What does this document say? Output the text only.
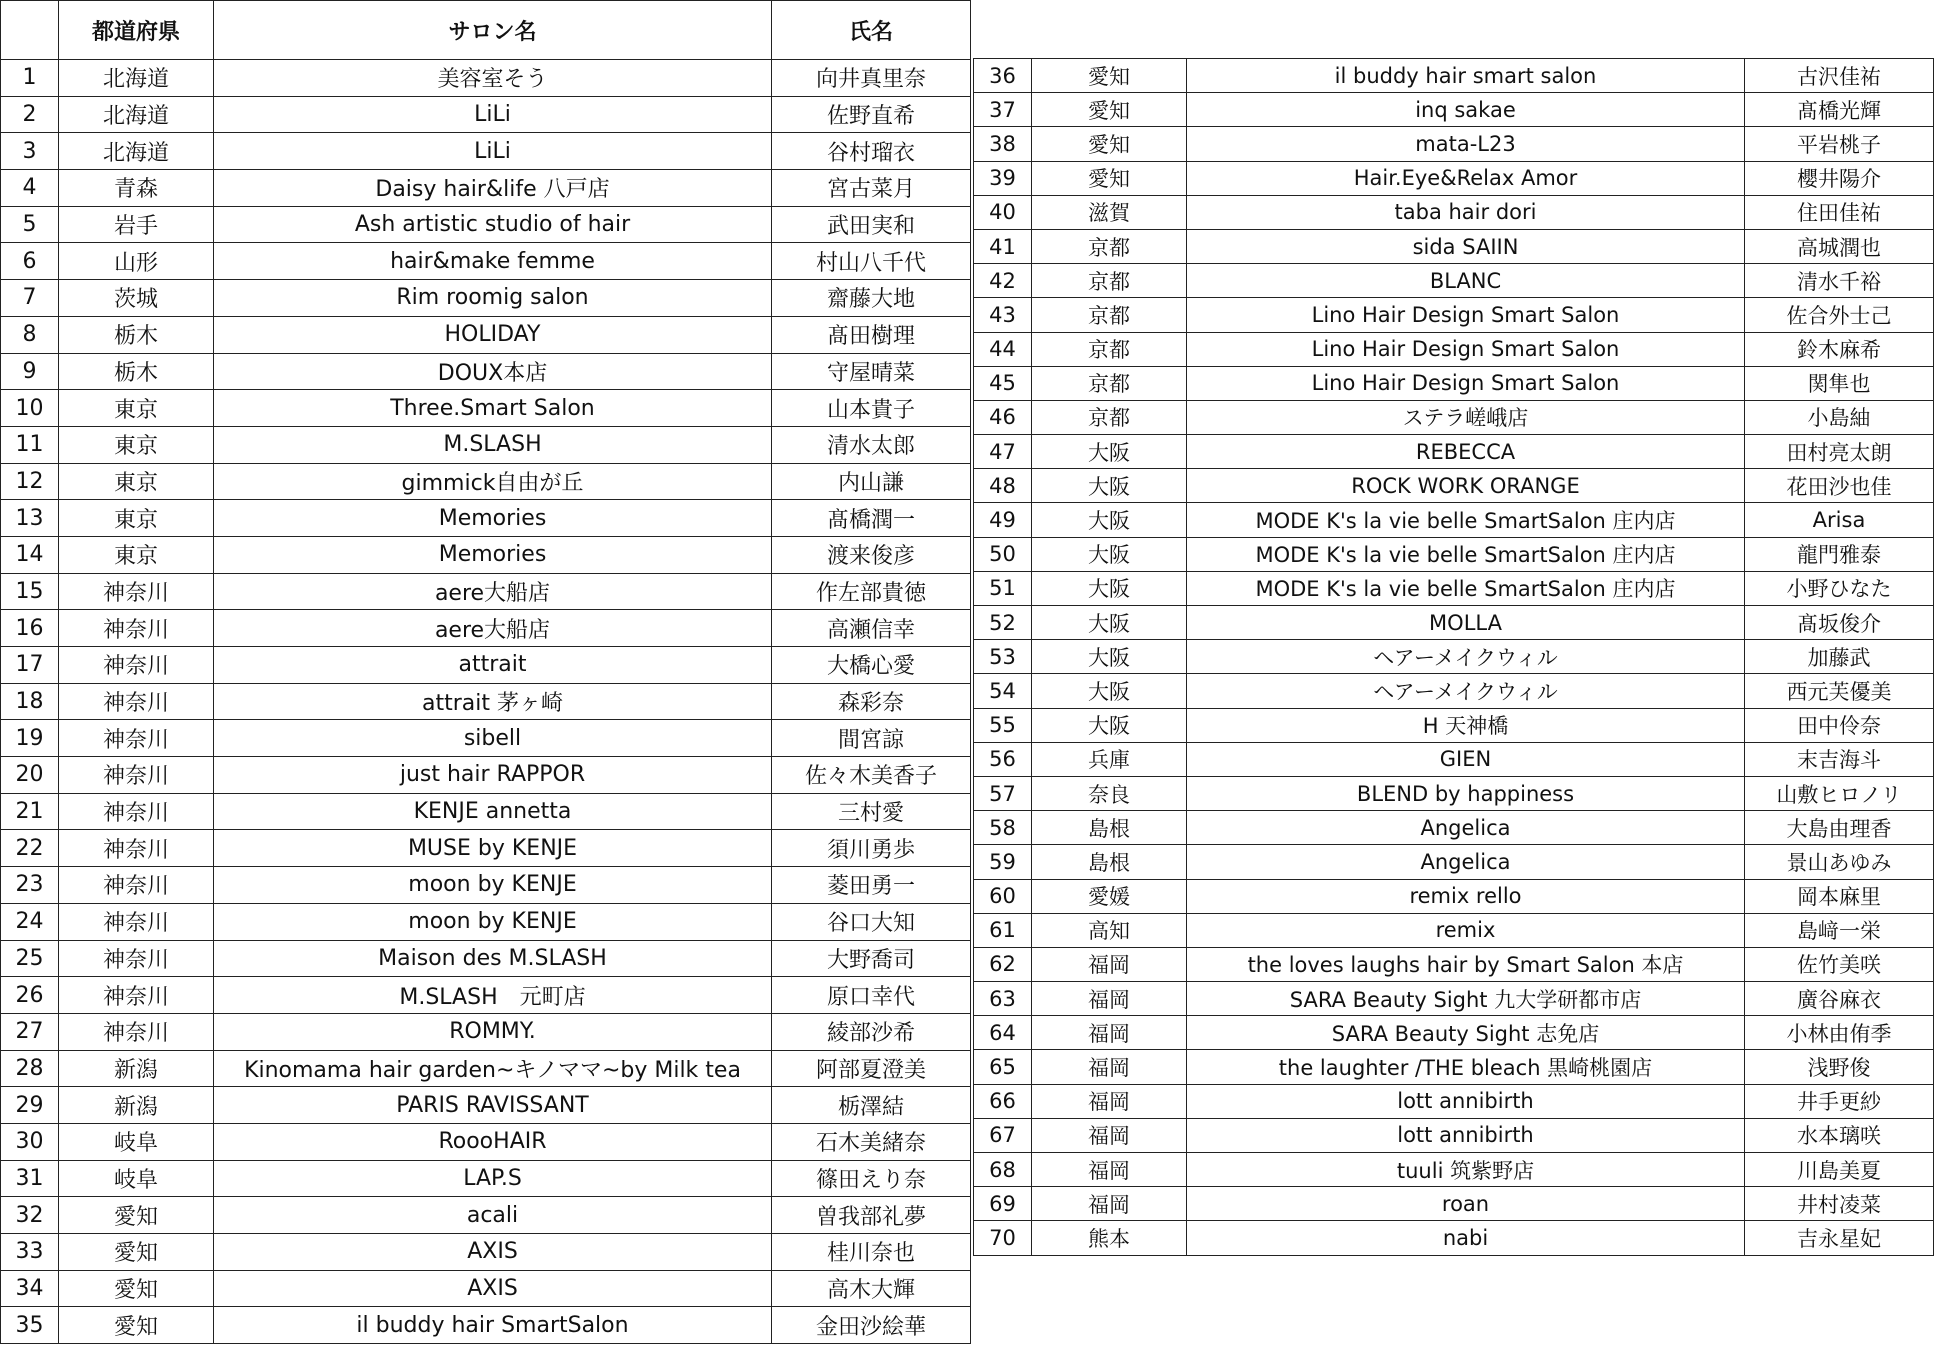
	都道府県	サロン名	氏名
1	北海道	美容室そう	向井真里奈
2	北海道	LiLi	佐野直希
3	北海道	LiLi	谷村瑠衣
4	青森	Daisy hair&life 八戸店	宮古菜月
5	岩手	Ash artistic studio of hair	武田実和
6	山形	hair&make femme	村山八千代
7	茨城	Rim roomig salon	齋藤大地
8	栃木	HOLIDAY	髙田樹理
9	栃木	DOUX本店	守屋晴菜
10	東京	Three.Smart Salon	山本貴子
11	東京	M.SLASH	清水太郎
12	東京	gimmick自由が丘	内山謙
13	東京	Memories	髙橋潤一
14	東京	Memories	渡来俊彦
15	神奈川	aere大船店	作左部貴徳
16	神奈川	aere大船店	高瀬信幸
17	神奈川	attrait	大橋心愛
18	神奈川	attrait 茅ヶ崎	森彩奈
19	神奈川	sibell	間宮諒
20	神奈川	just hair RAPPOR	佐々木美香子
21	神奈川	KENJE annetta	三村愛
22	神奈川	MUSE by KENJE	須川勇歩
23	神奈川	moon by KENJE	菱田勇一
24	神奈川	moon by KENJE	谷口大知
25	神奈川	Maison des M.SLASH	大野喬司
26	神奈川	M.SLASH　元町店	原口幸代
27	神奈川	ROMMY.	綾部沙希
28	新潟	Kinomama hair garden~キノママ~by Milk tea	阿部夏澄美
29	新潟	PARIS RAVISSANT	栃澤結
30	岐阜	RoooHAIR	石木美緒奈
31	岐阜	LAP.S	篠田えり奈
32	愛知	acali	曽我部礼夢
33	愛知	AXIS	桂川奈也
34	愛知	AXIS	高木大輝
35	愛知	il buddy hair SmartSalon	金田沙絵華
36	愛知	il buddy hair smart salon	古沢佳祐
37	愛知	inq sakae	髙橋光輝
38	愛知	mata-L23	平岩桃子
39	愛知	Hair.Eye&Relax Amor	櫻井陽介
40	滋賀	taba hair dori	住田佳祐
41	京都	sida SAIIN	高城潤也
42	京都	BLANC	清水千裕
43	京都	Lino Hair Design Smart Salon	佐合外士己
44	京都	Lino Hair Design Smart Salon	鈴木麻希
45	京都	Lino Hair Design Smart Salon	関隼也
46	京都	ステラ嵯峨店	小島紬
47	大阪	REBECCA	田村亮太朗
48	大阪	ROCK WORK ORANGE	花田沙也佳
49	大阪	MODE K's la vie belle SmartSalon 庄内店	Arisa
50	大阪	MODE K's la vie belle SmartSalon 庄内店	龍門雅泰
51	大阪	MODE K's la vie belle SmartSalon 庄内店	小野ひなた
52	大阪	MOLLA	髙坂俊介
53	大阪	ヘアーメイクウィル	加藤武
54	大阪	ヘアーメイクウィル	西元芙優美
55	大阪	H 天神橋	田中伶奈
56	兵庫	GIEN	末吉海斗
57	奈良	BLEND by happiness	山敷ヒロノリ
58	島根	Angelica	大島由理香
59	島根	Angelica	景山あゆみ
60	愛媛	remix rello	岡本麻里
61	高知	remix	島﨑一栄
62	福岡	the loves laughs hair by Smart Salon 本店	佐竹美咲
63	福岡	SARA Beauty Sight 九大学研都市店	廣谷麻衣
64	福岡	SARA Beauty Sight 志免店	小林由侑季
65	福岡	the laughter /THE bleach 黒崎桃園店	浅野俊
66	福岡	lott annibirth	井手更紗
67	福岡	lott annibirth	水本璃咲
68	福岡	tuuli 筑紫野店	川島美夏
69	福岡	roan	井村凌菜
70	熊本	nabi	吉永星妃
